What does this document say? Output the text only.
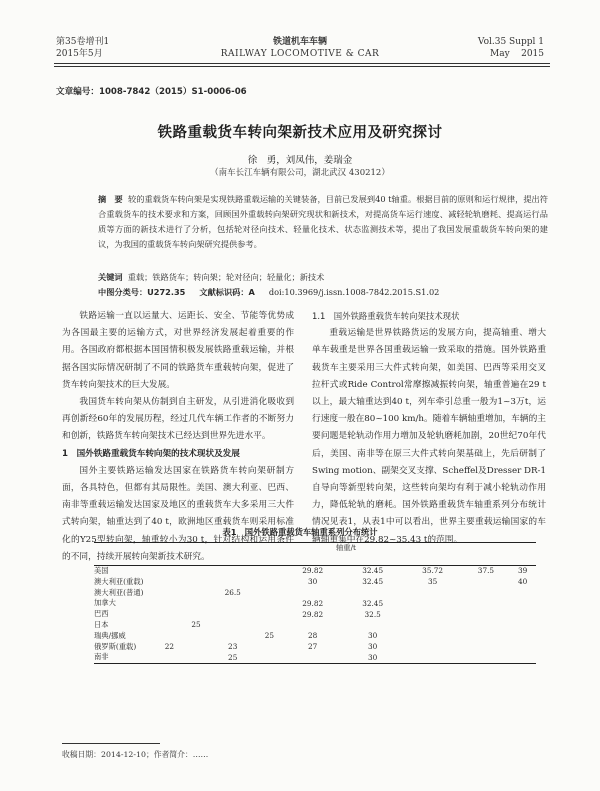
第35卷增刊1
2015年5月
铁道机车车辆
RAILWAY LOCOMOTIVE & CAR
Vol.35 Suppl 1
May    2015
文章编号：1008-7842（2015）S1-0006-06
铁路重载货车转向架新技术应用及研究探讨
徐　勇，刘凤伟，姜瑞金
（南车长江车辆有限公司，湖北武汉 430212）
摘　要 较的重载货车转向架是实现铁路重载运输的关键装备，目前已发展到40 t轴重。根据目前的原则和运行规律，提出符合重载货车的技术要求和方案，回顾国外重载转向架研究现状和新技术，对提高货车运行速度、减轻轮轨磨耗、提高运行品质等方面的新技术进行了分析，包括轮对径向技术、轻量化技术、状态监测技术等，提出了我国发展重载货车转向架的建议，为我国的重载货车转向架研究提供参考。
关键词 重载；铁路货车；转向架；轮对径向；轻量化；新技术
中图分类号：U272.35 文献标识码：A doi:10.3969/j.issn.1008-7842.2015.S1.02

铁路运输一直以运量大、运距长、安全、节能等优势成为各国最主要的运输方式，对世界经济发展起着重要的作用。各国政府都根据本国国情积极发展铁路重载运输，并根据各国实际情况研制了不同的铁路货车重载转向架，促进了货车转向架技术的巨大发展。

我国货车转向架从仿制到自主研发，从引进消化吸收到再创新经60年的发展历程，经过几代车辆工作者的不断努力和创新，铁路货车转向架技术已经达到世界先进水平。

1　国外铁路重载货车转向架的技术现状及发展

国外主要铁路运输发达国家在铁路货车转向架研制方面，各具特色，但都有其局限性。美国、澳大利亚、巴西、南非等重载运输发达国家及地区的重载货车大多采用三大件式转向架，轴重达到了40 t，欧洲地区重载货车则采用标准化的Y25型转向架，轴重较小为30 t，针对结构和运用条件的不同，持续开展转向架新技术研究。

1.1　国外铁路重载货车转向架技术现状

重载运输是世界铁路货运的发展方向，提高轴重、增大单车载重是世界各国重载运输一致采取的措施。国外铁路重载货车主要采用三大件式转向架，如美国、巴西等采用交叉拉杆式或Ride Control常摩擦减振转向架，轴重普遍在29 t以上，最大轴重达到40 t，列车牵引总重一般为1~3万t，运行速度一般在80~100 km/h。随着车辆轴重增加，车辆的主要问题是轮轨动作用力增加及轮轨磨耗加剧，20世纪70年代后，美国、南非等在原三大件式转向架基础上，先后研制了Swing motion、副架交叉支撑、Scheffel及Dresser DR-1自导向等新型转向架，这些转向架均有利于减小轮轨动作用力，降低轮轨的磨耗。国外铁路重载货车轴重系列分布统计情况见表1，从表1中可以看出，世界主要重载运输国家的车辆轴重集中在29.82~35.43 t的范围。

表1　国外铁路重载货车轴重系列分布统计
	轴重/t								

美国					29.82	32.45	35.72	37.5	39
澳大利亚(重载)					30	32.45	35		40
澳大利亚(普通)			26.5						
加拿大					29.82	32.45			
巴西					29.82	32.5			
日本		25							
瑞典/挪威				25	28	30			
俄罗斯(重载)	22		23		27	30			
南非			25			30			
收稿日期：2014-12-10；作者简介：……
